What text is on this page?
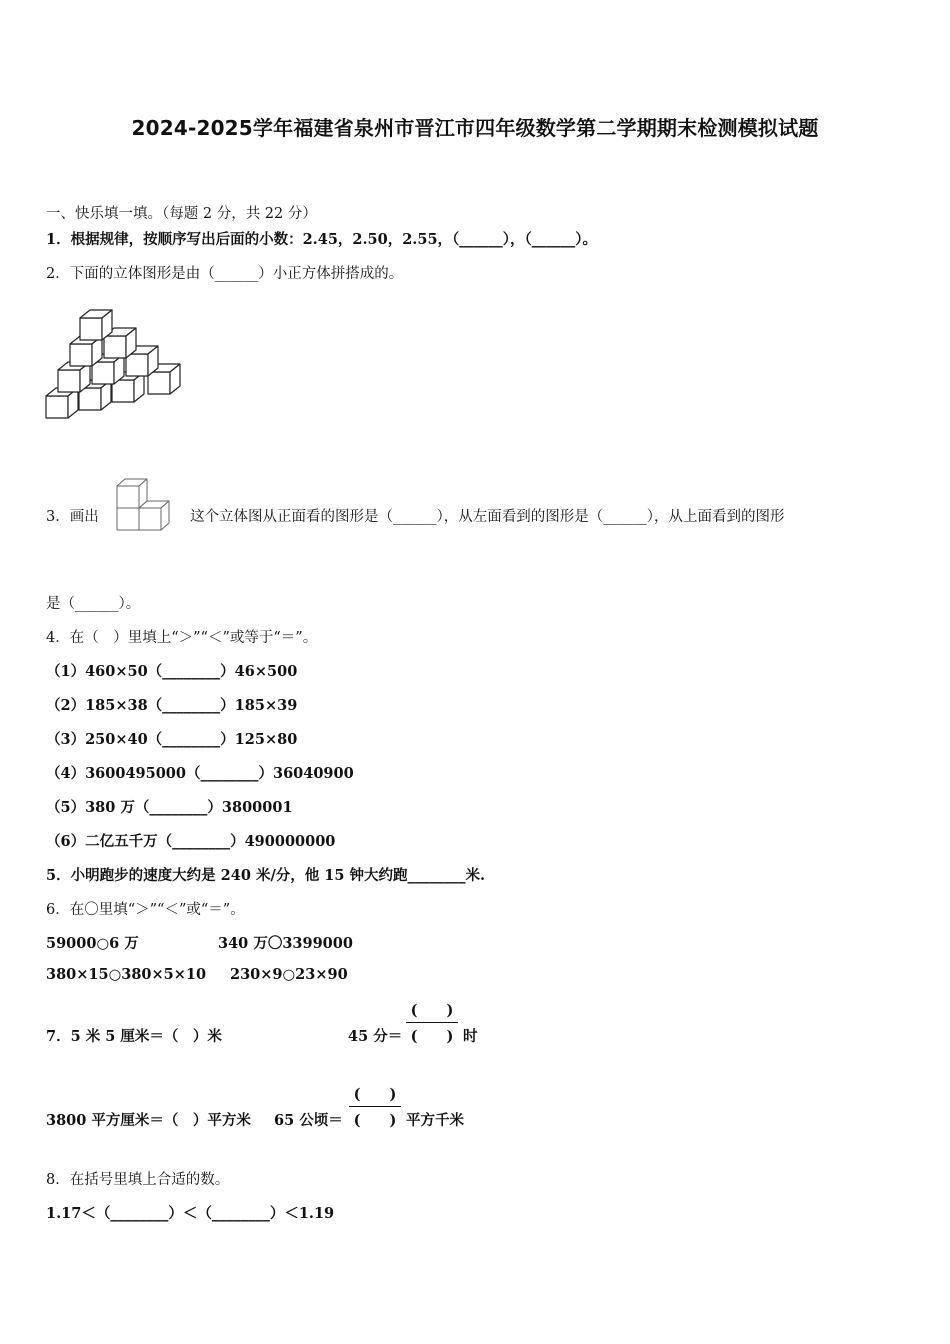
2024-2025学年福建省泉州市晋江市四年级数学第二学期期末检测模拟试题
一、快乐填一填。（每题 2 分，共 22 分）
1．根据规律，按顺序写出后面的小数：2.45，2.50，2.55，（______），（______）。
2．下面的立体图形是由（______）小正方体拼搭成的。
3．画出	这个立体图从正面看的图形是（______），从左面看到的图形是（______），从上面看到的图形
是（______）。
4．在（　）里填上“＞”“＜”或等于“＝”。
（1）460×50（________）46×500
（2）185×38（________）185×39
（3）250×40（________）125×80
（4）3600495000（________）36040900
（5）380 万（________）3800001
（6）二亿五千万（________）490000000
5．小明跑步的速度大约是 240 米/分，他 15 钟大约跑________米.
6．在〇里填“＞”“＜”或“＝”。
59000○6 万	340 万〇3399000
380×15○380×5×10 230×9○23×90
7．5 米 5 厘米＝（　）米	45 分＝
(　　)
(　　) 时
3800 平方厘米＝（　）平方米 65 公顷＝
(　　)
(　　) 平方千米
8．在括号里填上合适的数。
1.17＜（________）＜（________）＜1.19
